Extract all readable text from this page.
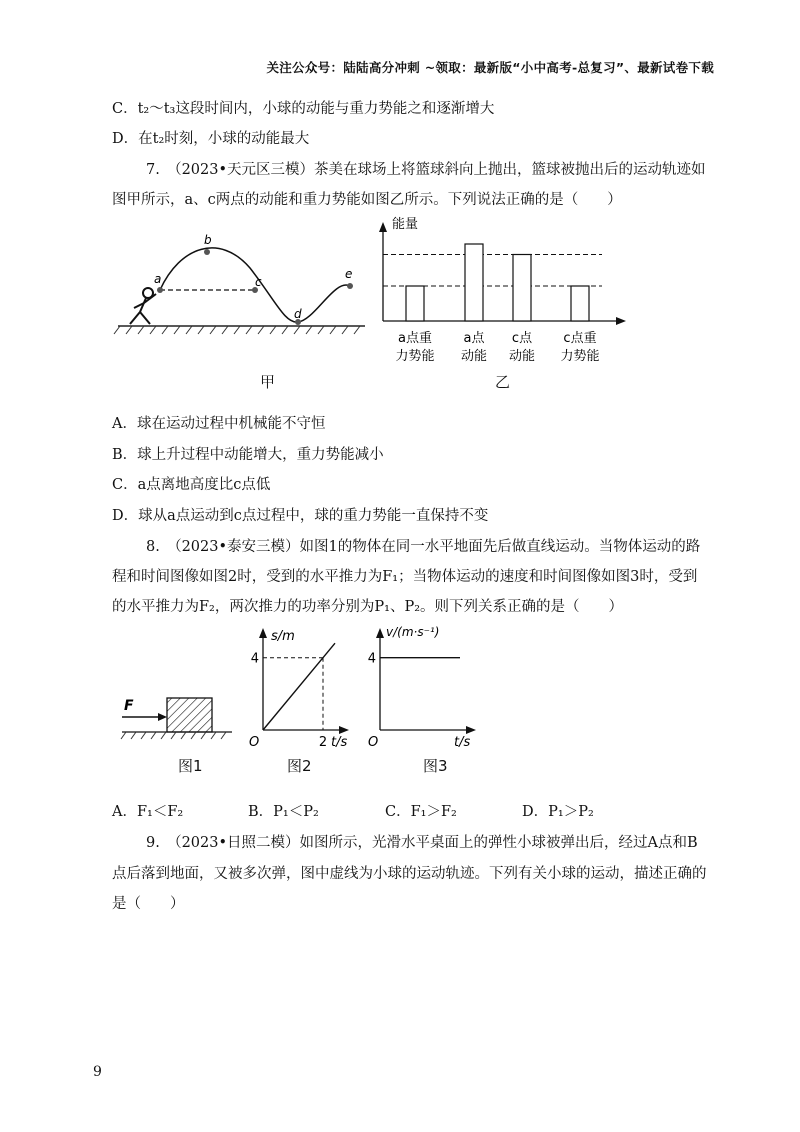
关注公众号：陆陆高分冲刺 ~领取：最新版“小中高考-总复习”、最新试卷下载
C．t₂～t₃这段时间内，小球的动能与重力势能之和逐渐增大
D．在t₂时刻，小球的动能最大
7.　（2023•天元区三模）茶美在球场上将篮球斜向上抛出，篮球被抛出后的运动轨迹如
图甲所示，a、c两点的动能和重力势能如图乙所示。下列说法正确的是（　　）
a
b
c
d
e
甲
能量
a点重
力势能
a点
动能
c点
动能
c点重
力势能
乙
A．球在运动过程中机械能不守恒
B．球上升过程中动能增大，重力势能减小
C．a点离地高度比c点低
D．球从a点运动到c点过程中，球的重力势能一直保持不变
8.　（2023•泰安三模）如图1的物体在同一水平地面先后做直线运动。当物体运动的路
程和时间图像如图2时，受到的水平推力为F₁；当物体运动的速度和时间图像如图3时，受到
的水平推力为F₂，两次推力的功率分别为P₁、P₂。则下列关系正确的是（　　）
F
图1
s/m
t/s
O
4
2
图2
v/(m·s⁻¹)
t/s
O
4
图3
A．F₁＜F₂	B．P₁＜P₂	C．F₁＞F₂	D．P₁＞P₂
9.　（2023•日照二模）如图所示，光滑水平桌面上的弹性小球被弹出后，经过A点和B
点后落到地面，又被多次弹，图中虚线为小球的运动轨迹。下列有关小球的运动，描述正确的
是（　　）
9
